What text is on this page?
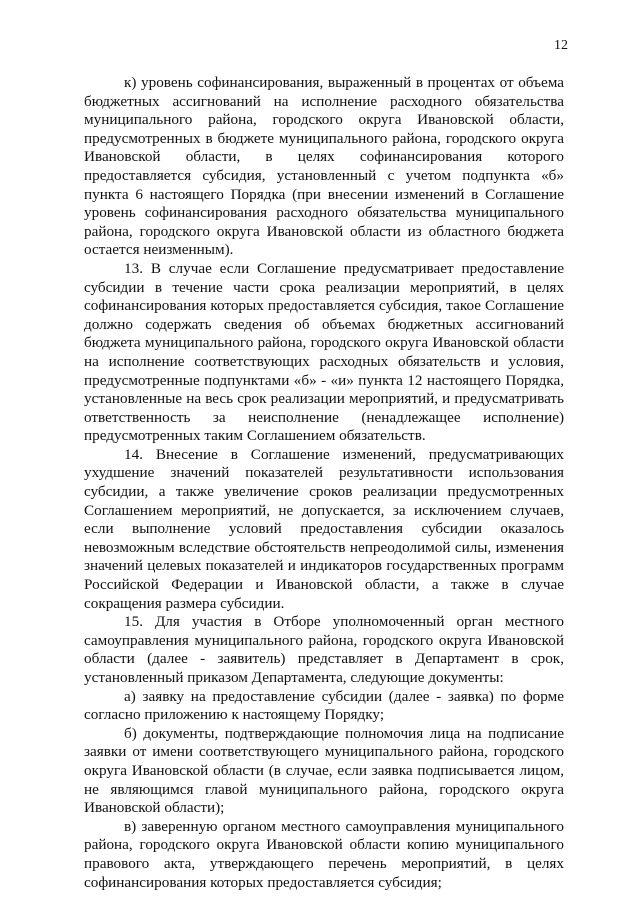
12

к) уровень софинансирования, выраженный в процентах от объема бюджетных ассигнований на исполнение расходного обязательства муниципального района, городского округа Ивановской области, предусмотренных в бюджете муниципального района, городского округа Ивановской области, в целях софинансирования которого предоставляется субсидия, установленный с учетом подпункта «б» пункта 6 настоящего Порядка (при внесении изменений в Соглашение уровень софинансирования расходного обязательства муниципального района, городского округа Ивановской области из областного бюджета остается неизменным).

13. В случае если Соглашение предусматривает предоставление субсидии в течение части срока реализации мероприятий, в целях софинансирования которых предоставляется субсидия, такое Соглашение должно содержать сведения об объемах бюджетных ассигнований бюджета муниципального района, городского округа Ивановской области на исполнение соответствующих расходных обязательств и условия, предусмотренные подпунктами «б» - «и» пункта 12 настоящего Порядка, установленные на весь срок реализации мероприятий, и предусматривать ответственность за неисполнение (ненадлежащее исполнение) предусмотренных таким Соглашением обязательств.

14. Внесение в Соглашение изменений, предусматривающих ухудшение значений показателей результативности использования субсидии, а также увеличение сроков реализации предусмотренных Соглашением мероприятий, не допускается, за исключением случаев, если выполнение условий предоставления субсидии оказалось невозможным вследствие обстоятельств непреодолимой силы, изменения значений целевых показателей и индикаторов государственных программ Российской Федерации и Ивановской области, а также в случае сокращения размера субсидии.

15. Для участия в Отборе уполномоченный орган местного самоуправления муниципального района, городского округа Ивановской области (далее - заявитель) представляет в Департамент в срок, установленный приказом Департамента, следующие документы:

а) заявку на предоставление субсидии (далее - заявка) по форме согласно приложению к настоящему Порядку;

б) документы, подтверждающие полномочия лица на подписание заявки от имени соответствующего муниципального района, городского округа Ивановской области (в случае, если заявка подписывается лицом, не являющимся главой муниципального района, городского округа Ивановской области);

в) заверенную органом местного самоуправления муниципального района, городского округа Ивановской области копию муниципального правового акта, утверждающего перечень мероприятий, в целях софинансирования которых предоставляется субсидия;
